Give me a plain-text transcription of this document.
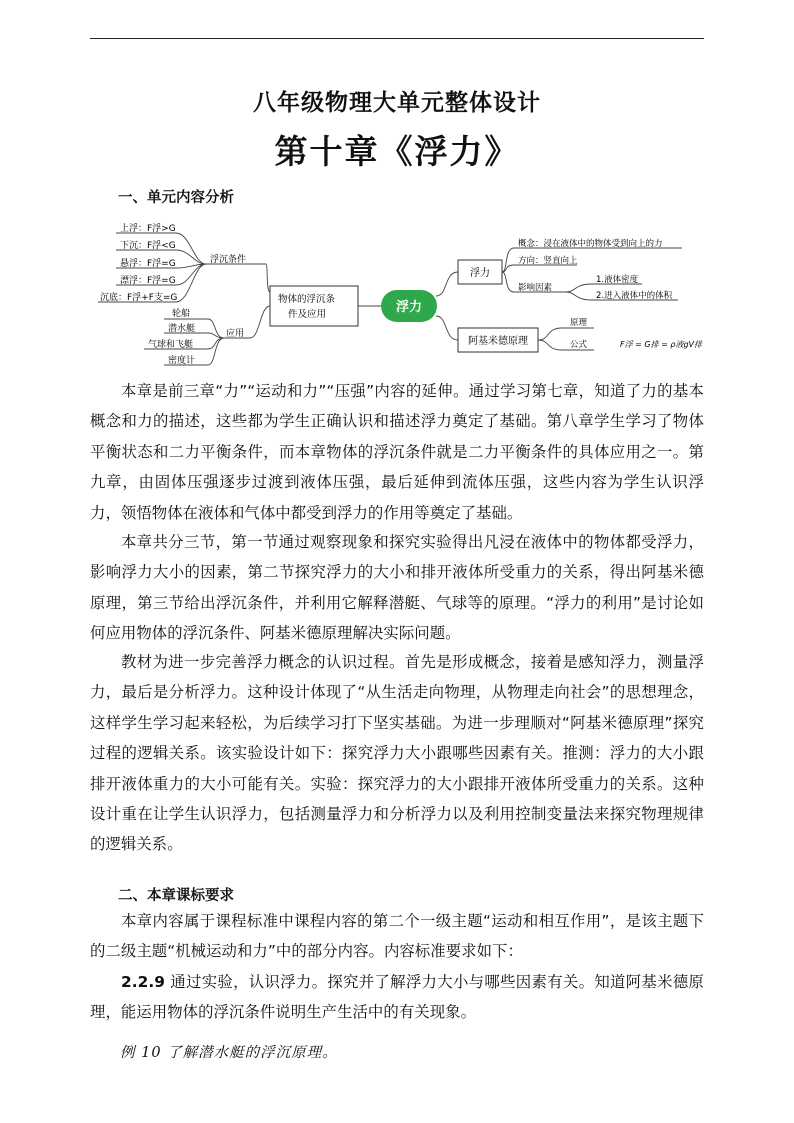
八年级物理大单元整体设计
第十章《浮力》
一、单元内容分析
上浮：F浮>G
下沉：F浮<G
悬浮：F浮=G
漂浮：F浮=G
沉底：F浮+F支=G
浮沉条件
轮船
潜水艇
气球和飞艇
密度计
应用
物体的浮沉条
件及应用	浮力
浮力
概念：浸在液体中的物体受到向上的力
方向：竖直向上
影响因素
1.液体密度
2.进入液体中的体积
阿基米德原理
原理
公式	F浮 = G排 = ρ液gV排

本章是前三章“力”“运动和力”“压强”内容的延伸。通过学习第七章，知道了力的基本概念和力的描述，这些都为学生正确认识和描述浮力奠定了基础。第八章学生学习了物体平衡状态和二力平衡条件，而本章物体的浮沉条件就是二力平衡条件的具体应用之一。第九章，由固体压强逐步过渡到液体压强，最后延伸到流体压强，这些内容为学生认识浮力，领悟物体在液体和气体中都受到浮力的作用等奠定了基础。

本章共分三节，第一节通过观察现象和探究实验得出凡浸在液体中的物体都受浮力，影响浮力大小的因素，第二节探究浮力的大小和排开液体所受重力的关系，得出阿基米德原理，第三节给出浮沉条件，并利用它解释潜艇、气球等的原理。“浮力的利用”是讨论如何应用物体的浮沉条件、阿基米德原理解决实际问题。

教材为进一步完善浮力概念的认识过程。首先是形成概念，接着是感知浮力，测量浮力，最后是分析浮力。这种设计体现了“从生活走向物理，从物理走向社会”的思想理念，这样学生学习起来轻松，为后续学习打下坚实基础。为进一步理顺对“阿基米德原理”探究过程的逻辑关系。该实验设计如下：探究浮力大小跟哪些因素有关。推测：浮力的大小跟排开液体重力的大小可能有关。实验：探究浮力的大小跟排开液体所受重力的关系。这种设计重在让学生认识浮力，包括测量浮力和分析浮力以及利用控制变量法来探究物理规律的逻辑关系。

二、本章课标要求

本章内容属于课程标准中课程内容的第二个一级主题“运动和相互作用”，是该主题下的二级主题“机械运动和力”中的部分内容。内容标准要求如下：

2.2.9 通过实验，认识浮力。探究并了解浮力大小与哪些因素有关。知道阿基米德原理，能运用物体的浮沉条件说明生产生活中的有关现象。

例 10 了解潜水艇的浮沉原理。
